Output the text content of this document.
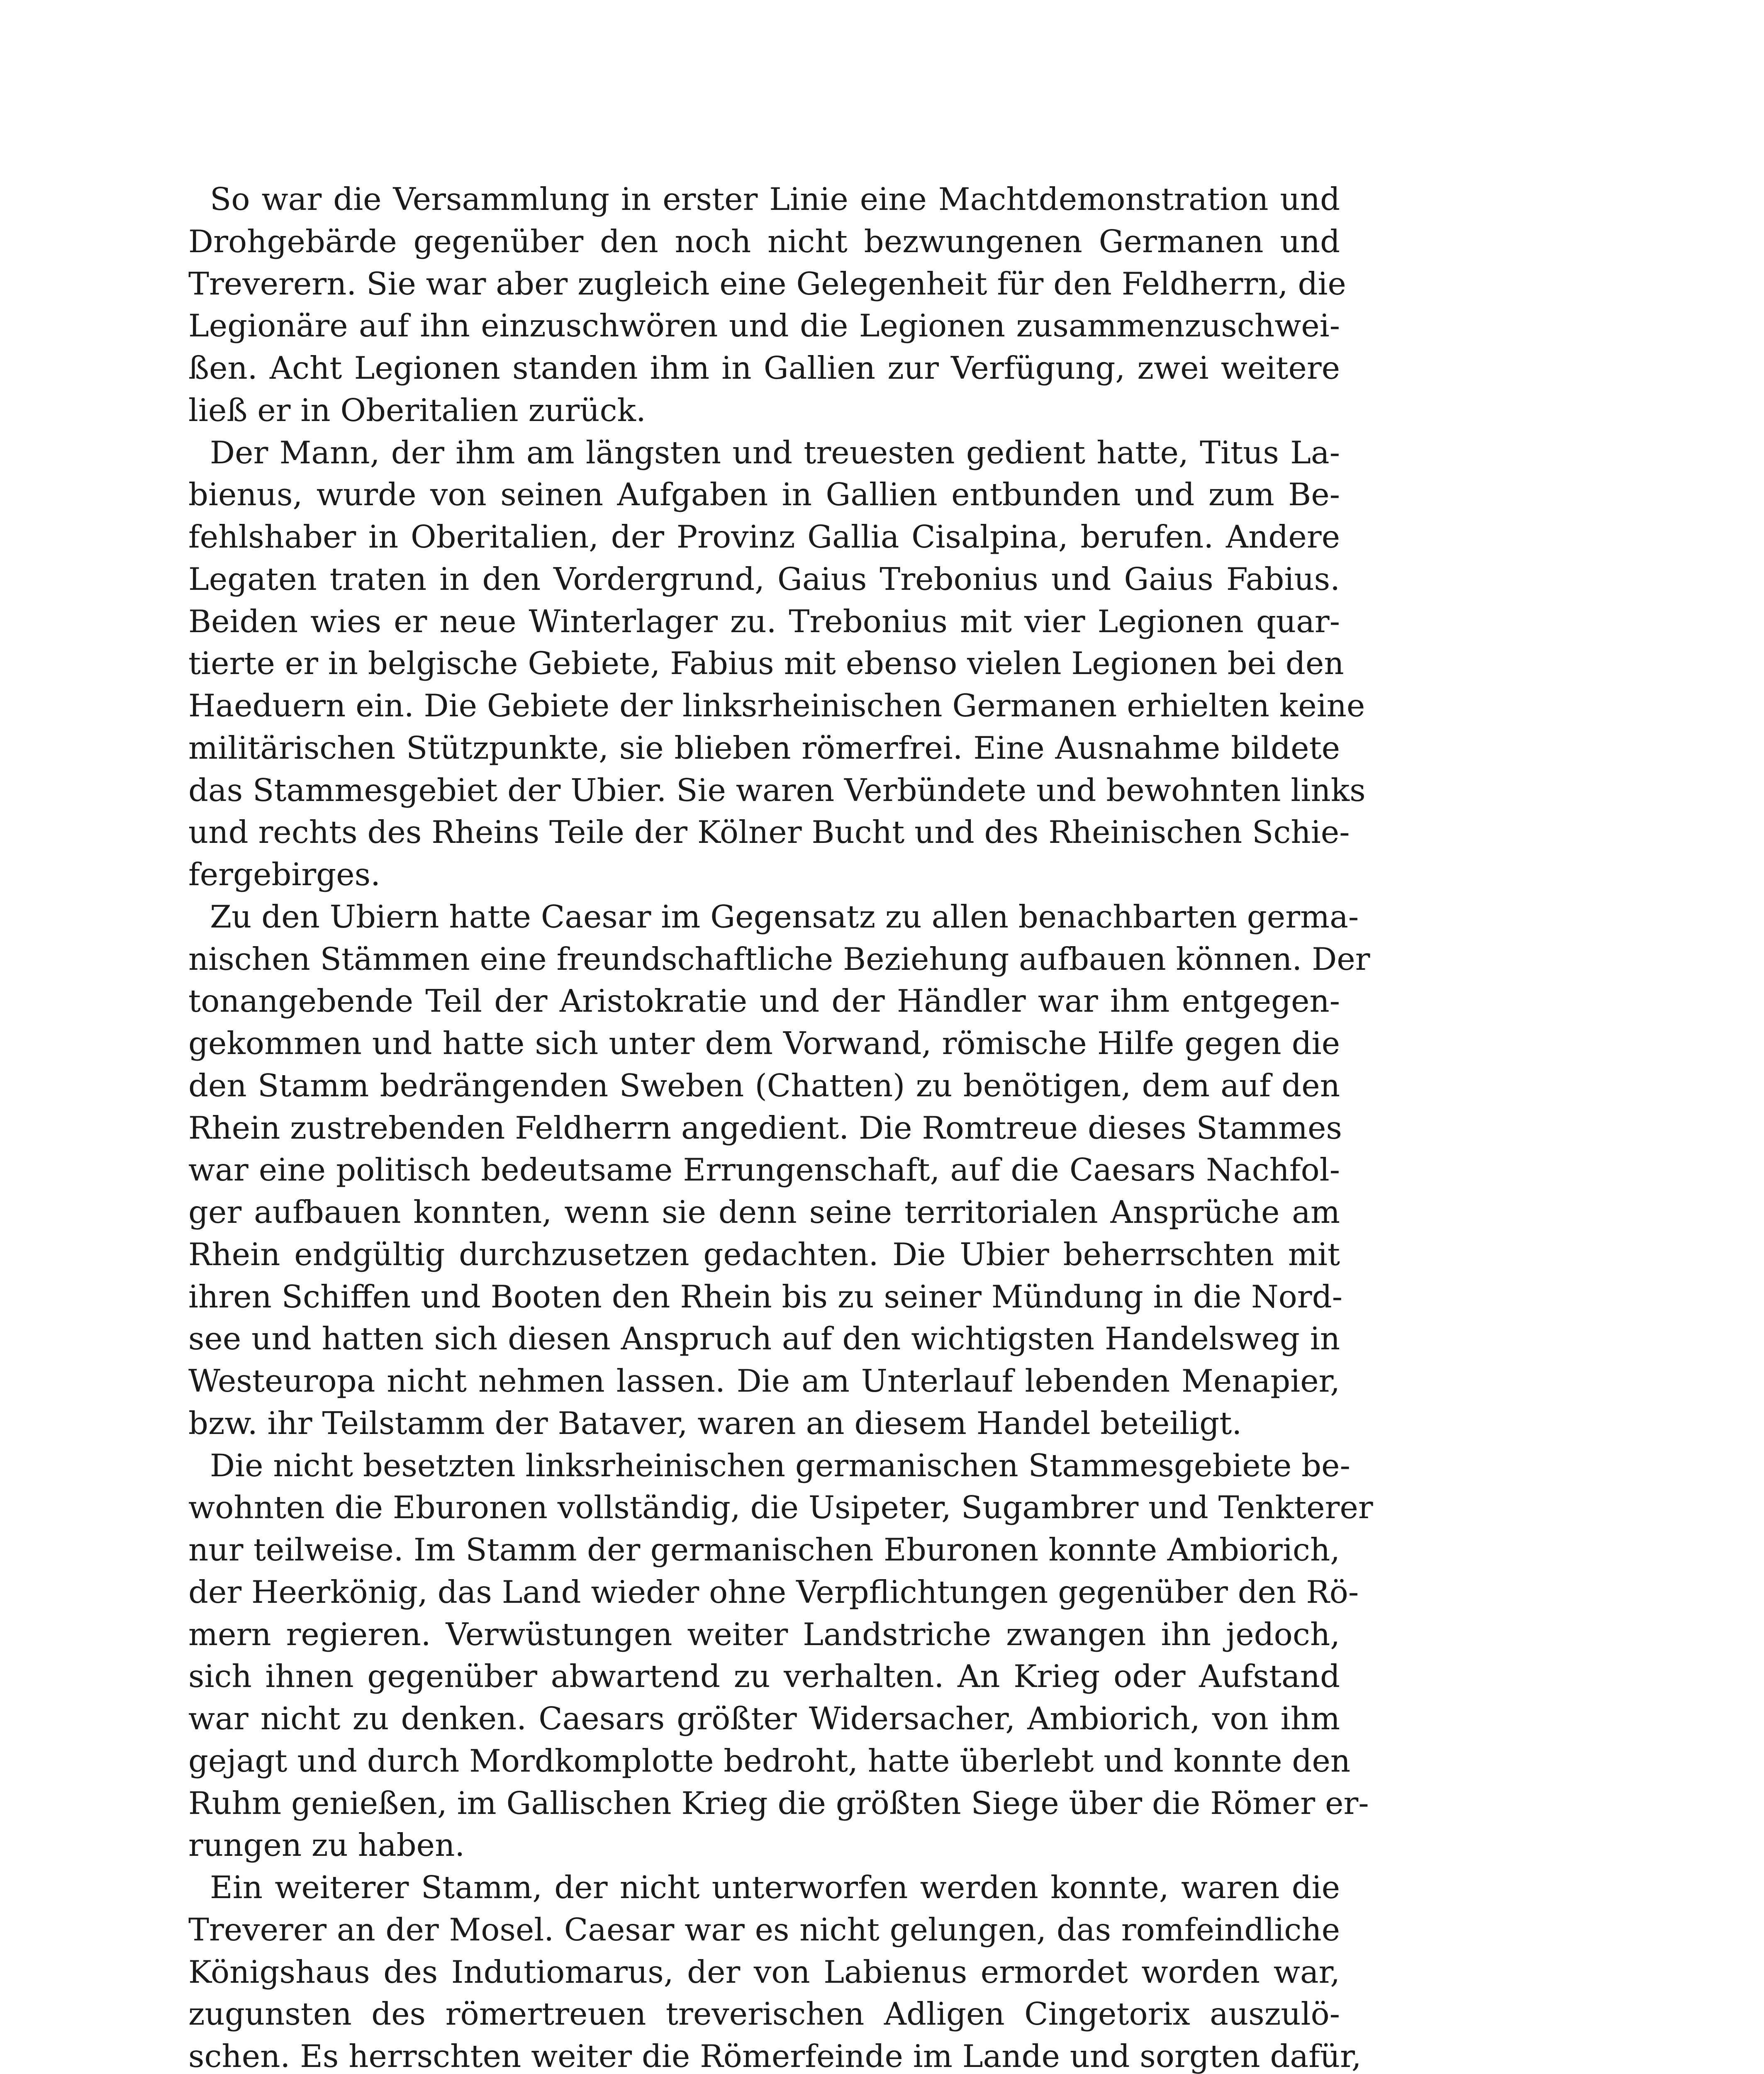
So war die Versammlung in erster Linie eine Machtdemonstration und
Drohgebärde gegenüber den noch nicht bezwungenen Germanen und
Treverern. Sie war aber zugleich eine Gelegenheit für den Feldherrn, die
Legionäre auf ihn einzuschwören und die Legionen zusammenzuschwei-
ßen. Acht Legionen standen ihm in Gallien zur Verfügung, zwei weitere
ließ er in Oberitalien zurück.
Der Mann, der ihm am längsten und treuesten gedient hatte, Titus La-
bienus, wurde von seinen Aufgaben in Gallien entbunden und zum Be-
fehlshaber in Oberitalien, der Provinz Gallia Cisalpina, berufen. Andere
Legaten traten in den Vordergrund, Gaius Trebonius und Gaius Fabius.
Beiden wies er neue Winterlager zu. Trebonius mit vier Legionen quar-
tierte er in belgische Gebiete, Fabius mit ebenso vielen Legionen bei den
Haeduern ein. Die Gebiete der linksrheinischen Germanen erhielten keine
militärischen Stützpunkte, sie blieben römerfrei. Eine Ausnahme bildete
das Stammesgebiet der Ubier. Sie waren Verbündete und bewohnten links
und rechts des Rheins Teile der Kölner Bucht und des Rheinischen Schie-
fergebirges.
Zu den Ubiern hatte Caesar im Gegensatz zu allen benachbarten germa-
nischen Stämmen eine freundschaftliche Beziehung aufbauen können. Der
tonangebende Teil der Aristokratie und der Händler war ihm entgegen-
gekommen und hatte sich unter dem Vorwand, römische Hilfe gegen die
den Stamm bedrängenden Sweben (Chatten) zu benötigen, dem auf den
Rhein zustrebenden Feldherrn angedient. Die Romtreue dieses Stammes
war eine politisch bedeutsame Errungenschaft, auf die Caesars Nachfol-
ger aufbauen konnten, wenn sie denn seine territorialen Ansprüche am
Rhein endgültig durchzusetzen gedachten. Die Ubier beherrschten mit
ihren Schiffen und Booten den Rhein bis zu seiner Mündung in die Nord-
see und hatten sich diesen Anspruch auf den wichtigsten Handelsweg in
Westeuropa nicht nehmen lassen. Die am Unterlauf lebenden Menapier,
bzw. ihr Teilstamm der Bataver, waren an diesem Handel beteiligt.
Die nicht besetzten linksrheinischen germanischen Stammesgebiete be-
wohnten die Eburonen vollständig, die Usipeter, Sugambrer und Tenkterer
nur teilweise. Im Stamm der germanischen Eburonen konnte Ambiorich,
der Heerkönig, das Land wieder ohne Verpflichtungen gegenüber den Rö-
mern regieren. Verwüstungen weiter Landstriche zwangen ihn jedoch,
sich ihnen gegenüber abwartend zu verhalten. An Krieg oder Aufstand
war nicht zu denken. Caesars größter Widersacher, Ambiorich, von ihm
gejagt und durch Mordkomplotte bedroht, hatte überlebt und konnte den
Ruhm genießen, im Gallischen Krieg die größten Siege über die Römer er-
rungen zu haben.
Ein weiterer Stamm, der nicht unterworfen werden konnte, waren die
Treverer an der Mosel. Caesar war es nicht gelungen, das romfeindliche
Königshaus des Indutiomarus, der von Labienus ermordet worden war,
zugunsten des römertreuen treverischen Adligen Cingetorix auszulö-
schen. Es herrschten weiter die Römerfeinde im Lande und sorgten dafür,
